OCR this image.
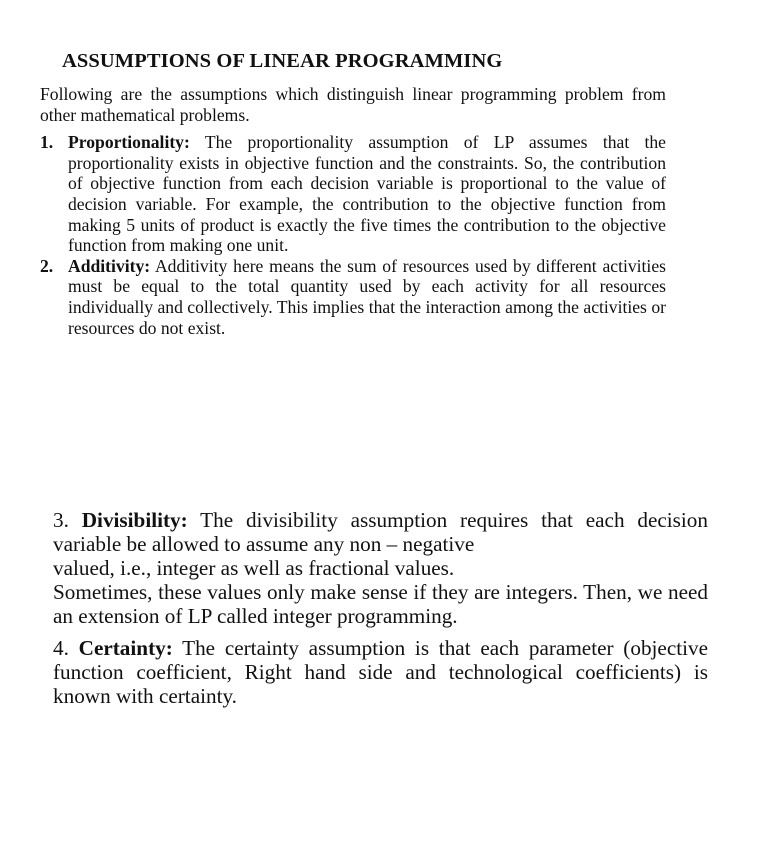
ASSUMPTIONS OF LINEAR PROGRAMMING

Following are the assumptions which distinguish linear programming problem from other mathematical problems.

1. Proportionality: The proportionality assumption of LP assumes that the proportionality exists in objective function and the constraints. So, the contribution of objective function from each decision variable is proportional to the value of decision variable. For example, the contribution to the objective function from making 5 units of product is exactly the five times the contribution to the objective function from making one unit.

2. Additivity: Additivity here means the sum of resources used by different activities must be equal to the total quantity used by each activity for all resources individually and collectively. This implies that the interaction among the activities or resources do not exist.

3. Divisibility: The divisibility assumption requires that each decision variable be allowed to assume any non – negative

valued, i.e., integer as well as fractional values.

Sometimes, these values only make sense if they are integers. Then, we need an extension of LP called integer programming.

4. Certainty: The certainty assumption is that each parameter (objective function coefficient, Right hand side and technological coefficients) is known with certainty.
